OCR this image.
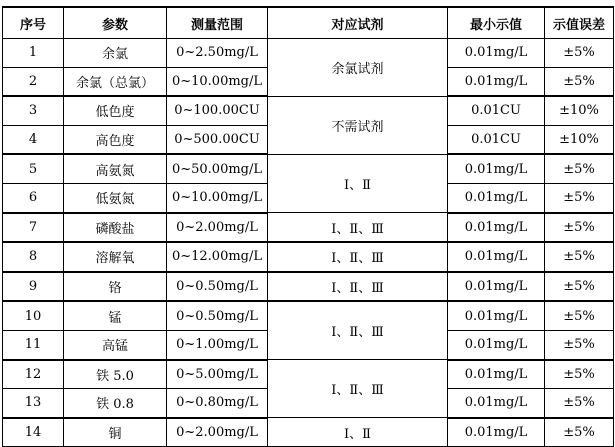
序号	参数	测量范围	对应试剂	最小示值	示值误差
1	余氯	0~2.50mg/L	余氯试剂	0.01mg/L	±5%
2	余氯（总氯）	0~10.00mg/L		0.01mg/L	±5%
3	低色度	0~100.00CU	不需试剂	0.01CU	±10%
4	高色度	0~500.00CU		0.01CU	±10%
5	高氨氮	0~50.00mg/L	Ⅰ、Ⅱ	0.01mg/L	±5%
6	低氨氮	0~10.00mg/L		0.01mg/L	±5%
7	磷酸盐	0~2.00mg/L	Ⅰ、Ⅱ、Ⅲ	0.01mg/L	±5%
8	溶解氧	0~12.00mg/L	Ⅰ、Ⅱ、Ⅲ	0.01mg/L	±5%
9	铬	0~0.50mg/L	Ⅰ、Ⅱ、Ⅲ	0.01mg/L	±5%
10	锰	0~0.50mg/L	Ⅰ、Ⅱ、Ⅲ	0.01mg/L	±5%
11	高锰	0~1.00mg/L		0.01mg/L	±5%
12	铁 5.0	0~5.00mg/L	Ⅰ、Ⅱ、Ⅲ	0.01mg/L	±5%
13	铁 0.8	0~0.80mg/L		0.01mg/L	±5%
14	铜	0~2.00mg/L	Ⅰ、Ⅱ	0.01mg/L	±5%
